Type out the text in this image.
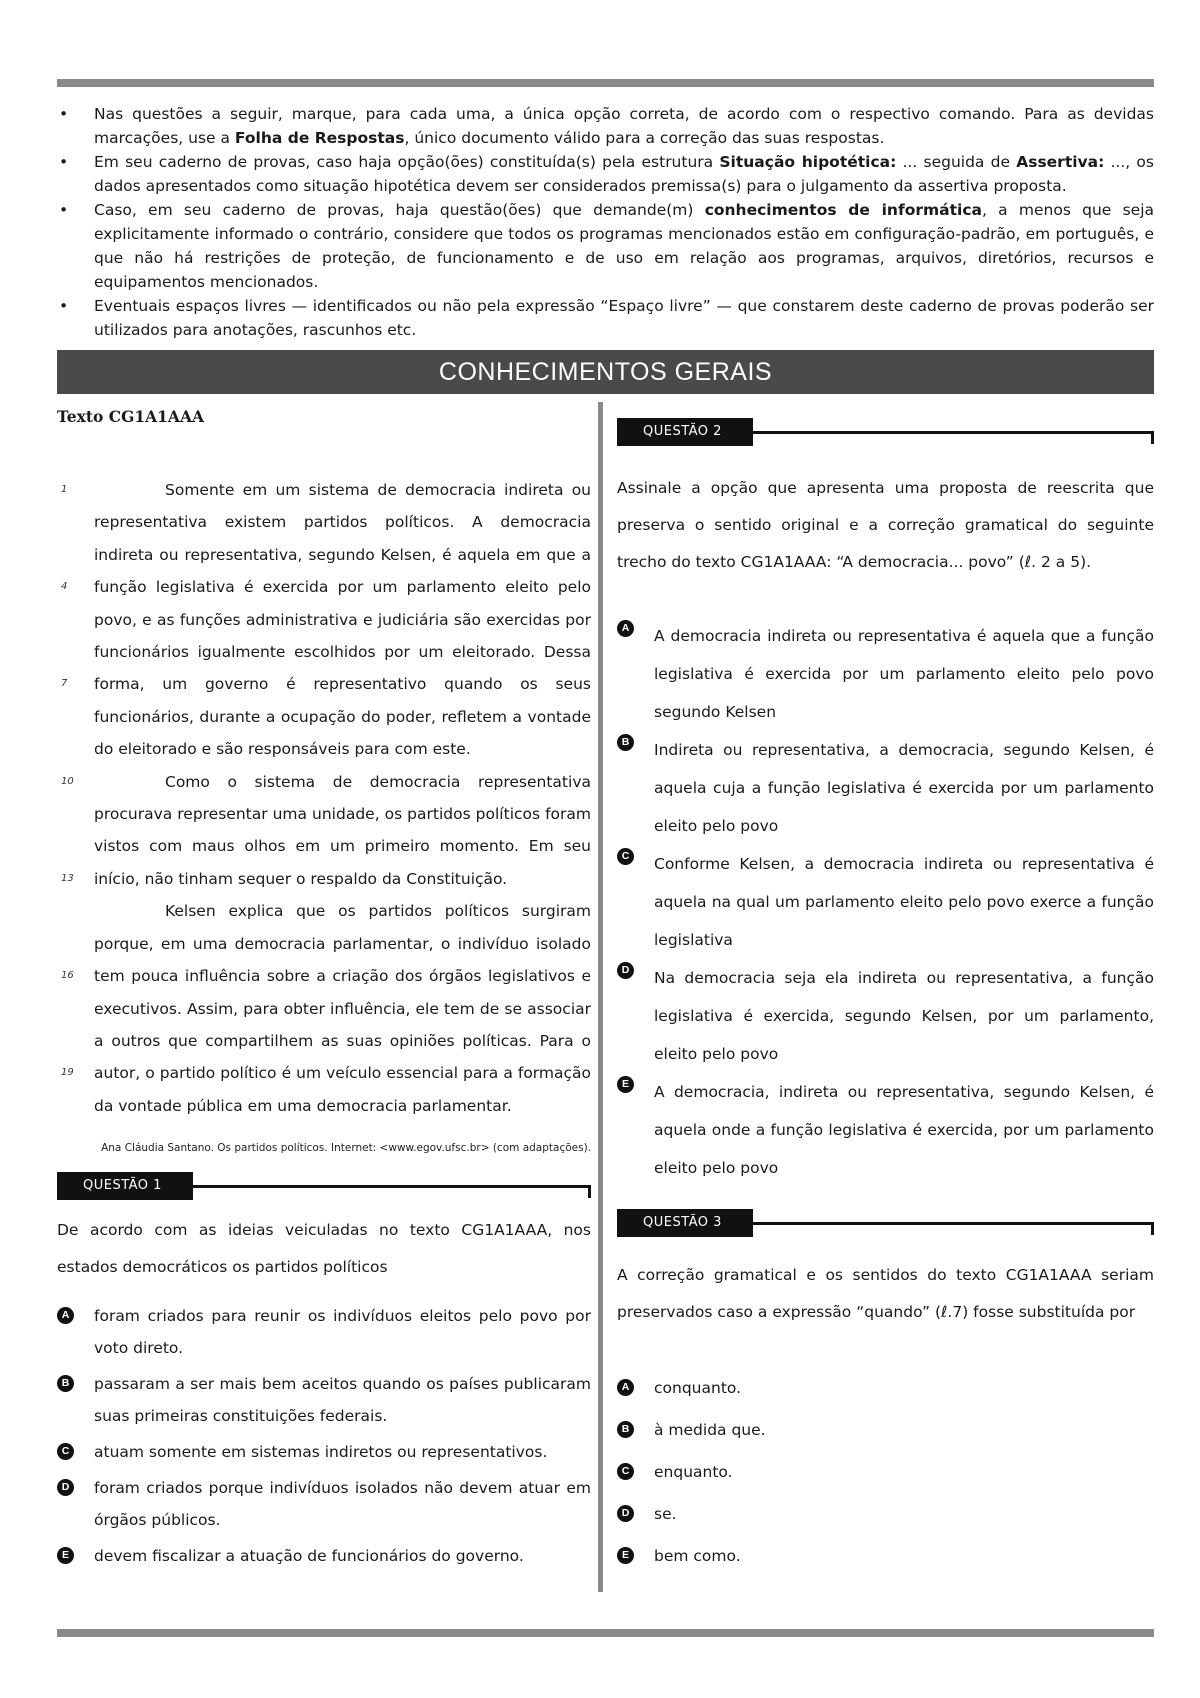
• Nas questões a seguir, marque, para cada uma, a única opção correta, de acordo com o respectivo comando. Para as devidas marcações, use a Folha de Respostas, único documento válido para a correção das suas respostas.
• Em seu caderno de provas, caso haja opção(ões) constituída(s) pela estrutura Situação hipotética: ... seguida de Assertiva: ..., os dados apresentados como situação hipotética devem ser considerados premissa(s) para o julgamento da assertiva proposta.
• Caso, em seu caderno de provas, haja questão(ões) que demande(m) conhecimentos de informática, a menos que seja explicitamente informado o contrário, considere que todos os programas mencionados estão em configuração-padrão, em português, e que não há restrições de proteção, de funcionamento e de uso em relação aos programas, arquivos, diretórios, recursos e equipamentos mencionados.
• Eventuais espaços livres — identificados ou não pela expressão “Espaço livre” — que constarem deste caderno de provas poderão ser utilizados para anotações, rascunhos etc.
CONHECIMENTOS GERAIS

Texto CG1A1AAA

1	Somente em um sistema de democracia indireta ou
representativa existem partidos políticos. A democracia
indireta ou representativa, segundo Kelsen, é aquela em que a
4 função legislativa é exercida por um parlamento eleito pelo
povo, e as funções administrativa e judiciária são exercidas por
funcionários igualmente escolhidos por um eleitorado. Dessa
7 forma, um governo é representativo quando os seus
funcionários, durante a ocupação do poder, refletem a vontade
do eleitorado e são responsáveis para com este.
10	Como o sistema de democracia representativa
procurava representar uma unidade, os partidos políticos foram
vistos com maus olhos em um primeiro momento. Em seu
13 início, não tinham sequer o respaldo da Constituição.
Kelsen explica que os partidos políticos surgiram
porque, em uma democracia parlamentar, o indivíduo isolado
16 tem pouca influência sobre a criação dos órgãos legislativos e
executivos. Assim, para obter influência, ele tem de se associar
a outros que compartilhem as suas opiniões políticas. Para o
19 autor, o partido político é um veículo essencial para a formação
da vontade pública em uma democracia parlamentar.
Ana Cláudia Santano. Os partidos políticos. Internet: <www.egov.ufsc.br> (com adaptações).
QUESTÃO 1

De acordo com as ideias veiculadas no texto CG1A1AAA, nos estados democráticos os partidos políticos

A	foram criados para reunir os indivíduos eleitos pelo povo por voto direto.
B	passaram a ser mais bem aceitos quando os países publicaram suas primeiras constituições federais.
C	atuam somente em sistemas indiretos ou representativos.
D	foram criados porque indivíduos isolados não devem atuar em órgãos públicos.
E	devem fiscalizar a atuação de funcionários do governo.
QUESTÃO 2

Assinale a opção que apresenta uma proposta de reescrita que preserva o sentido original e a correção gramatical do seguinte trecho do texto CG1A1AAA: “A democracia... povo” (ℓ. 2 a 5).

A	A democracia indireta ou representativa é aquela que a função legislativa é exercida por um parlamento eleito pelo povo segundo Kelsen
B	Indireta ou representativa, a democracia, segundo Kelsen, é aquela cuja a função legislativa é exercida por um parlamento eleito pelo povo
C	Conforme Kelsen, a democracia indireta ou representativa é aquela na qual um parlamento eleito pelo povo exerce a função legislativa
D	Na democracia seja ela indireta ou representativa, a função legislativa é exercida, segundo Kelsen, por um parlamento, eleito pelo povo
E	A democracia, indireta ou representativa, segundo Kelsen, é aquela onde a função legislativa é exercida, por um parlamento eleito pelo povo
QUESTÃO 3

A correção gramatical e os sentidos do texto CG1A1AAA seriam preservados caso a expressão “quando” (ℓ.7) fosse substituída por

A	conquanto.
B	à medida que.
C	enquanto.
D	se.
E	bem como.
